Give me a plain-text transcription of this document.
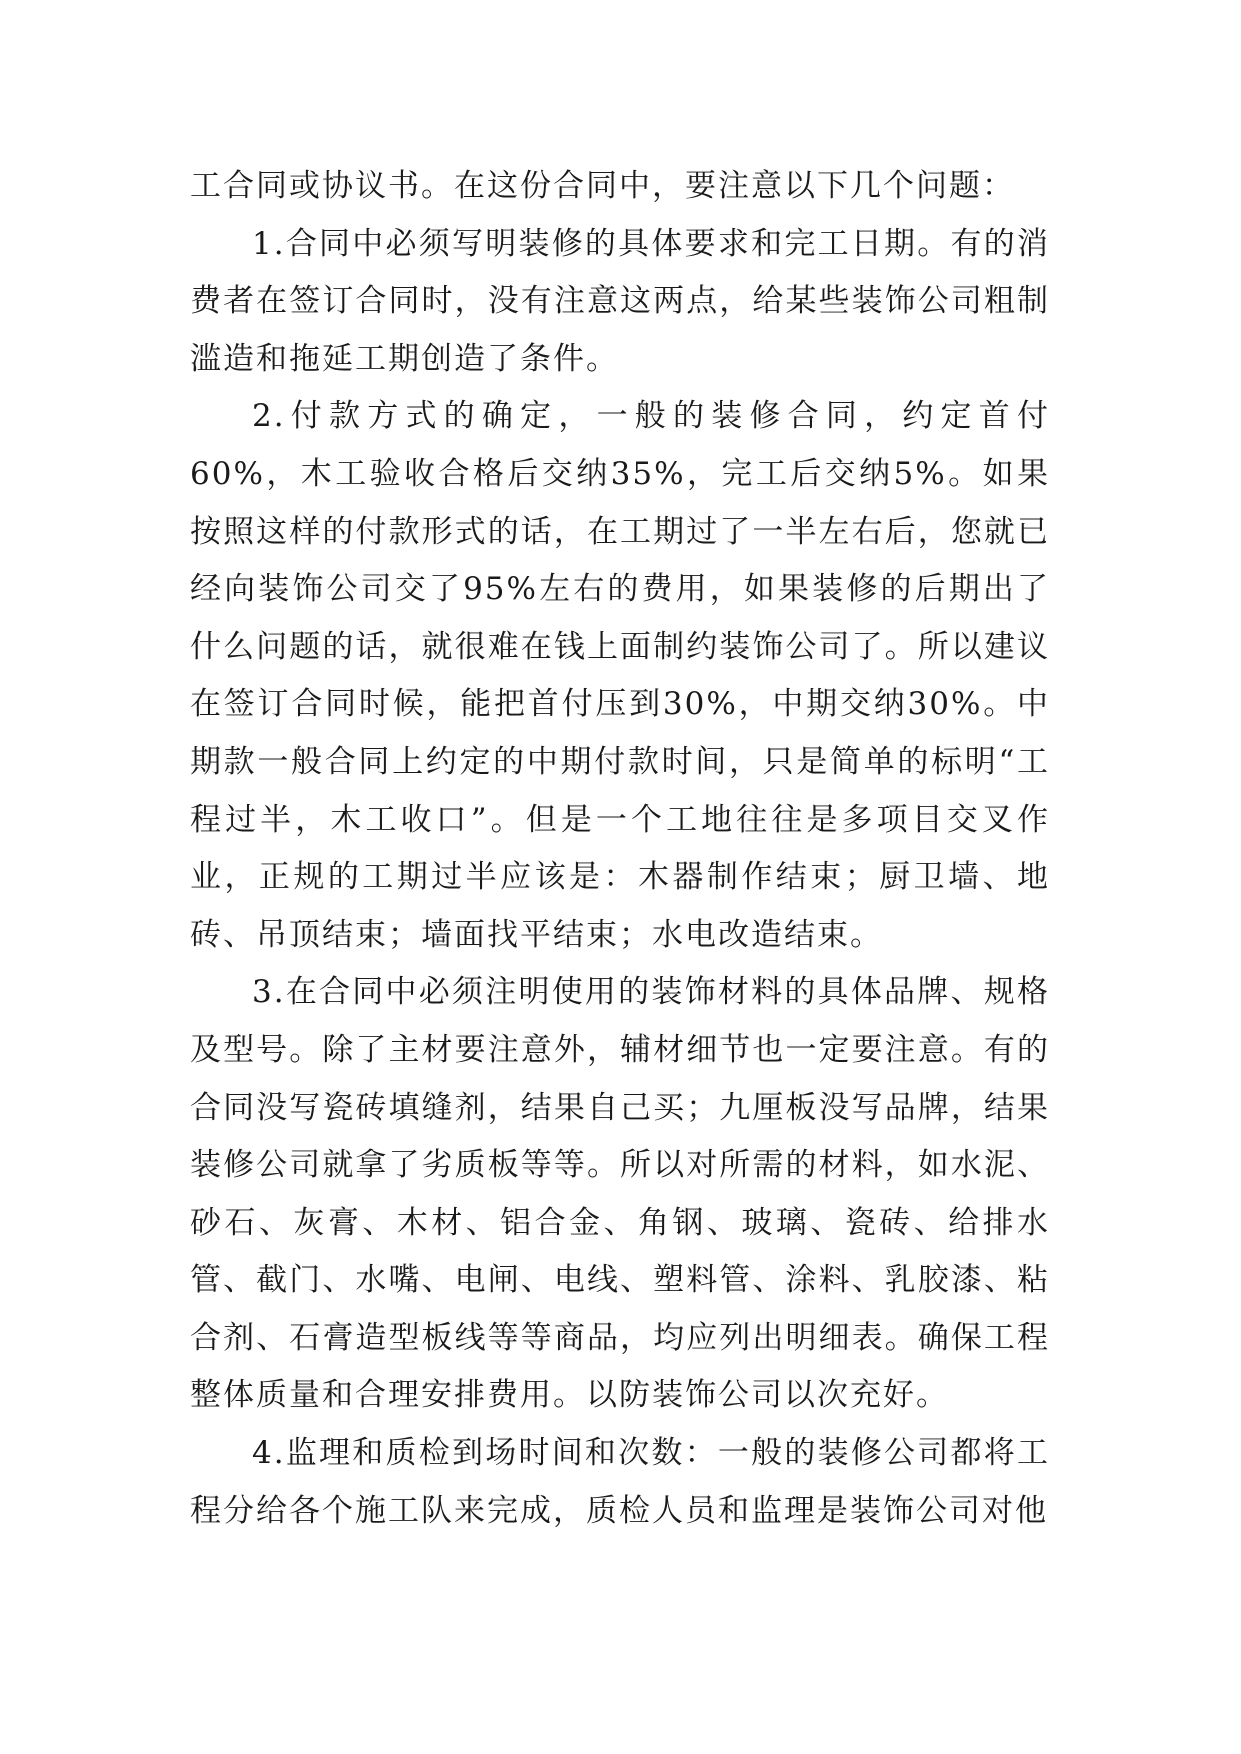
工合同或协议书。在这份合同中，要注意以下几个问题：

1.合同中必须写明装修的具体要求和完工日期。有的消费者在签订合同时，没有注意这两点，给某些装饰公司粗制滥造和拖延工期创造了条件。

2.付款方式的确定，一般的装修合同，约定首付60%，木工验收合格后交纳35%，完工后交纳5%。如果按照这样的付款形式的话，在工期过了一半左右后，您就已经向装饰公司交了95%左右的费用，如果装修的后期出了什么问题的话，就很难在钱上面制约装饰公司了。所以建议在签订合同时候，能把首付压到30%，中期交纳30%。中期款一般合同上约定的中期付款时间，只是简单的标明“工程过半，木工收口”。但是一个工地往往是多项目交叉作业，正规的工期过半应该是：木器制作结束；厨卫墙、地砖、吊顶结束；墙面找平结束；水电改造结束。

3.在合同中必须注明使用的装饰材料的具体品牌、规格及型号。除了主材要注意外，辅材细节也一定要注意。有的合同没写瓷砖填缝剂，结果自己买；九厘板没写品牌，结果装修公司就拿了劣质板等等。所以对所需的材料，如水泥、砂石、灰膏、木材、铝合金、角钢、玻璃、瓷砖、给排水管、截门、水嘴、电闸、电线、塑料管、涂料、乳胶漆、粘合剂、石膏造型板线等等商品，均应列出明细表。确保工程整体质量和合理安排费用。以防装饰公司以次充好。

4.监理和质检到场时间和次数：一般的装修公司都将工程分给各个施工队来完成，质检人员和监理是装饰公司对他
